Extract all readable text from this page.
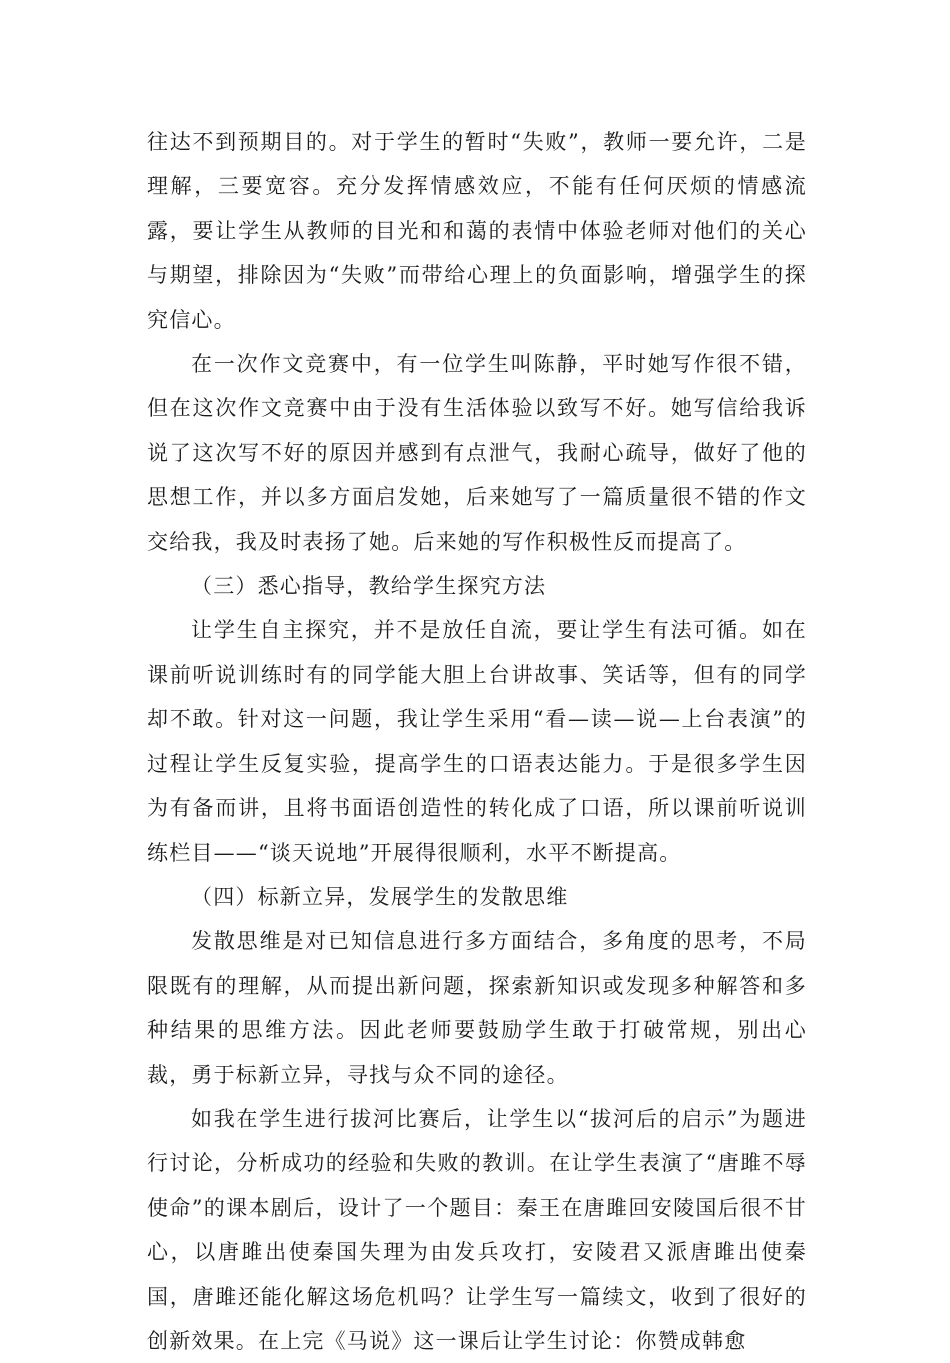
往达不到预期目的。对于学生的暂时“失败”，教师一要允许，二是理解，三要宽容。充分发挥情感效应，不能有任何厌烦的情感流露，要让学生从教师的目光和和蔼的表情中体验老师对他们的关心与期望，排除因为“失败”而带给心理上的负面影响，增强学生的探究信心。

在一次作文竞赛中，有一位学生叫陈静，平时她写作很不错，但在这次作文竞赛中由于没有生活体验以致写不好。她写信给我诉说了这次写不好的原因并感到有点泄气，我耐心疏导，做好了他的思想工作，并以多方面启发她，后来她写了一篇质量很不错的作文交给我，我及时表扬了她。后来她的写作积极性反而提高了。

（三）悉心指导，教给学生探究方法

让学生自主探究，并不是放任自流，要让学生有法可循。如在课前听说训练时有的同学能大胆上台讲故事、笑话等，但有的同学却不敢。针对这一问题，我让学生采用“看—读—说—上台表演”的过程让学生反复实验，提高学生的口语表达能力。于是很多学生因为有备而讲，且将书面语创造性的转化成了口语，所以课前听说训练栏目——“谈天说地”开展得很顺利，水平不断提高。

（四）标新立异，发展学生的发散思维

发散思维是对已知信息进行多方面结合，多角度的思考，不局限既有的理解，从而提出新问题，探索新知识或发现多种解答和多种结果的思维方法。因此老师要鼓励学生敢于打破常规，别出心裁，勇于标新立异，寻找与众不同的途径。

如我在学生进行拔河比赛后，让学生以“拔河后的启示”为题进行讨论，分析成功的经验和失败的教训。在让学生表演了“唐雎不辱使命”的课本剧后，设计了一个题目：秦王在唐雎回安陵国后很不甘心，以唐雎出使秦国失理为由发兵攻打，安陵君又派唐雎出使秦国，唐雎还能化解这场危机吗？让学生写一篇续文，收到了很好的创新效果。在上完《马说》这一课后让学生讨论：你赞成韩愈
